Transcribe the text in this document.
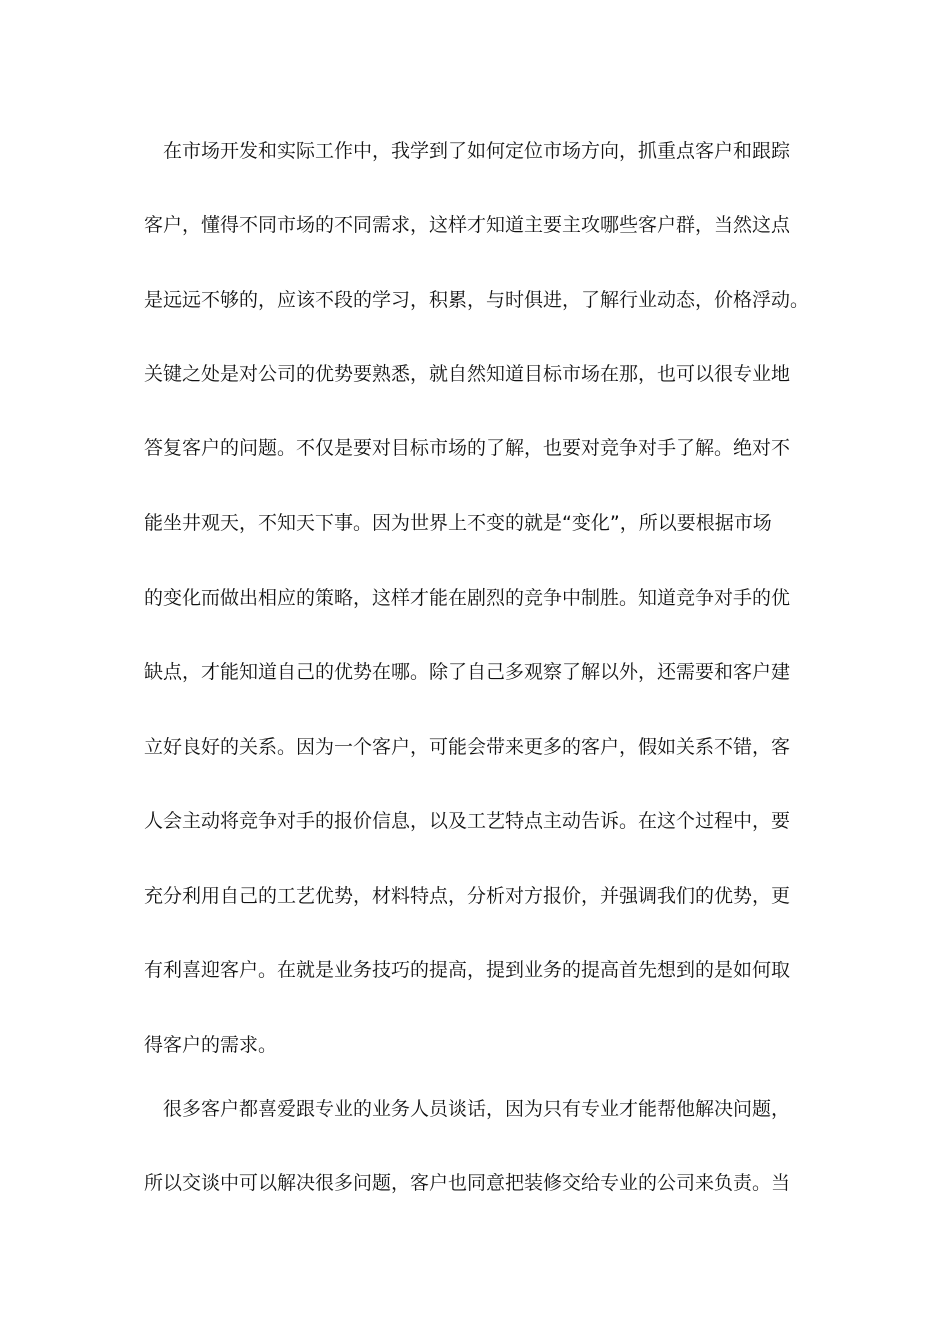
在市场开发和实际工作中，我学到了如何定位市场方向，抓重点客户和跟踪
客户，懂得不同市场的不同需求，这样才知道主要主攻哪些客户群，当然这点
是远远不够的，应该不段的学习，积累，与时俱进，了解行业动态，价格浮动。
关键之处是对公司的优势要熟悉，就自然知道目标市场在那，也可以很专业地
答复客户的问题。不仅是要对目标市场的了解，也要对竞争对手了解。绝对不
能坐井观天，不知天下事。因为世界上不变的就是“变化”，所以要根据市场
的变化而做出相应的策略，这样才能在剧烈的竞争中制胜。知道竞争对手的优
缺点，才能知道自己的优势在哪。除了自己多观察了解以外，还需要和客户建
立好良好的关系。因为一个客户，可能会带来更多的客户，假如关系不错，客
人会主动将竞争对手的报价信息，以及工艺特点主动告诉。在这个过程中，要
充分利用自己的工艺优势，材料特点，分析对方报价，并强调我们的优势，更
有利喜迎客户。在就是业务技巧的提高，提到业务的提高首先想到的是如何取
得客户的需求。
很多客户都喜爱跟专业的业务人员谈话，因为只有专业才能帮他解决问题，
所以交谈中可以解决很多问题，客户也同意把装修交给专业的公司来负责。当
